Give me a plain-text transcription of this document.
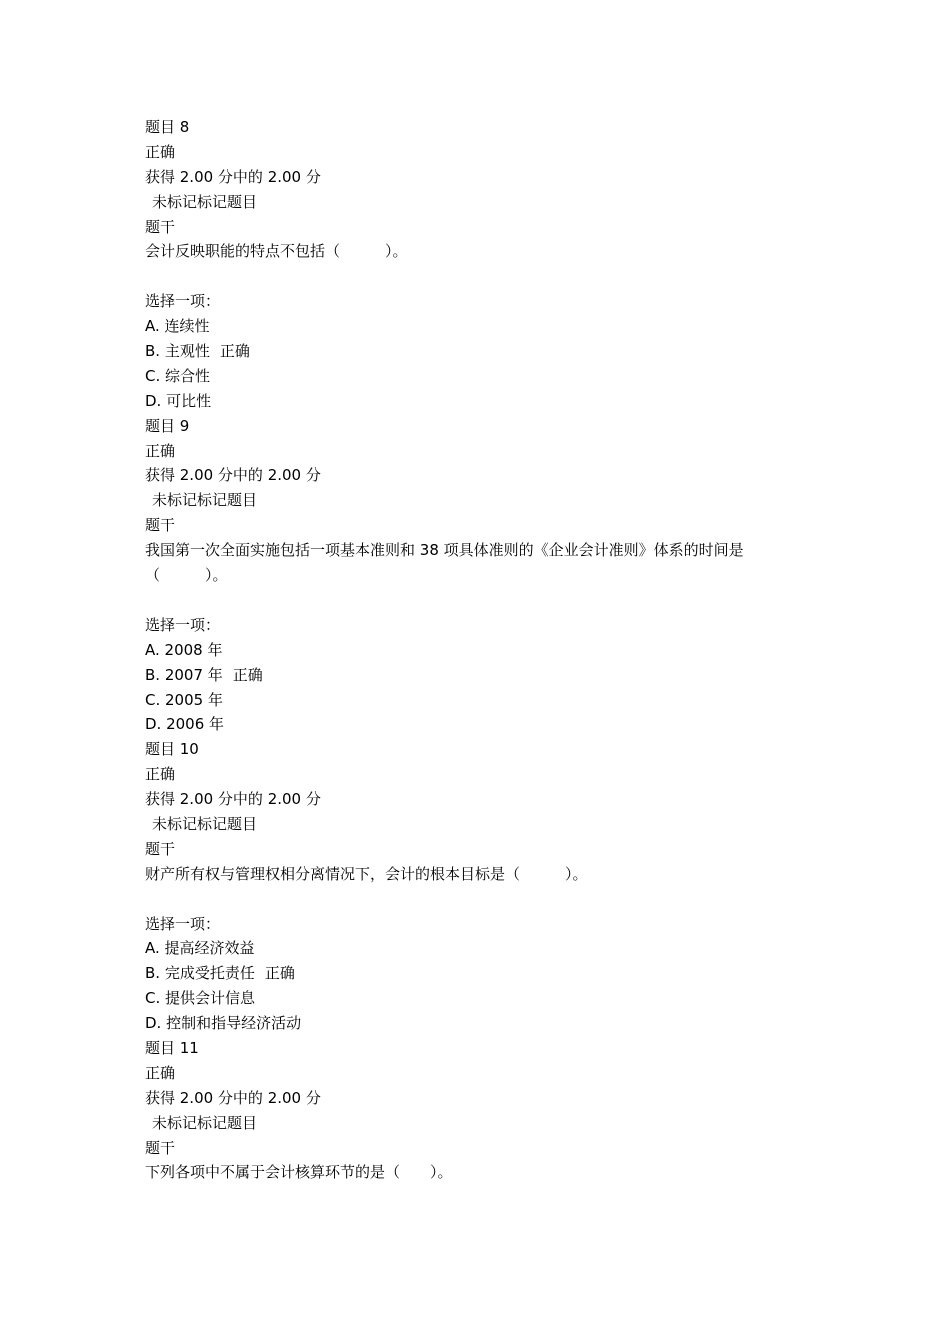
题目 8
正确
获得 2.00 分中的 2.00 分
未标记标记题目
题干
会计反映职能的特点不包括（　　　）。
选择一项：
A. 连续性
B. 主观性 正确
C. 综合性
D. 可比性
题目 9
正确
获得 2.00 分中的 2.00 分
未标记标记题目
题干
我国第一次全面实施包括一项基本准则和 38 项具体准则的《企业会计准则》体系的时间是（　　　）。
选择一项：
A. 2008 年
B. 2007 年 正确
C. 2005 年
D. 2006 年
题目 10
正确
获得 2.00 分中的 2.00 分
未标记标记题目
题干
财产所有权与管理权相分离情况下，会计的根本目标是（　　　）。
选择一项：
A. 提高经济效益
B. 完成受托责任 正确
C. 提供会计信息
D. 控制和指导经济活动
题目 11
正确
获得 2.00 分中的 2.00 分
未标记标记题目
题干
下列各项中不属于会计核算环节的是（　　）。
